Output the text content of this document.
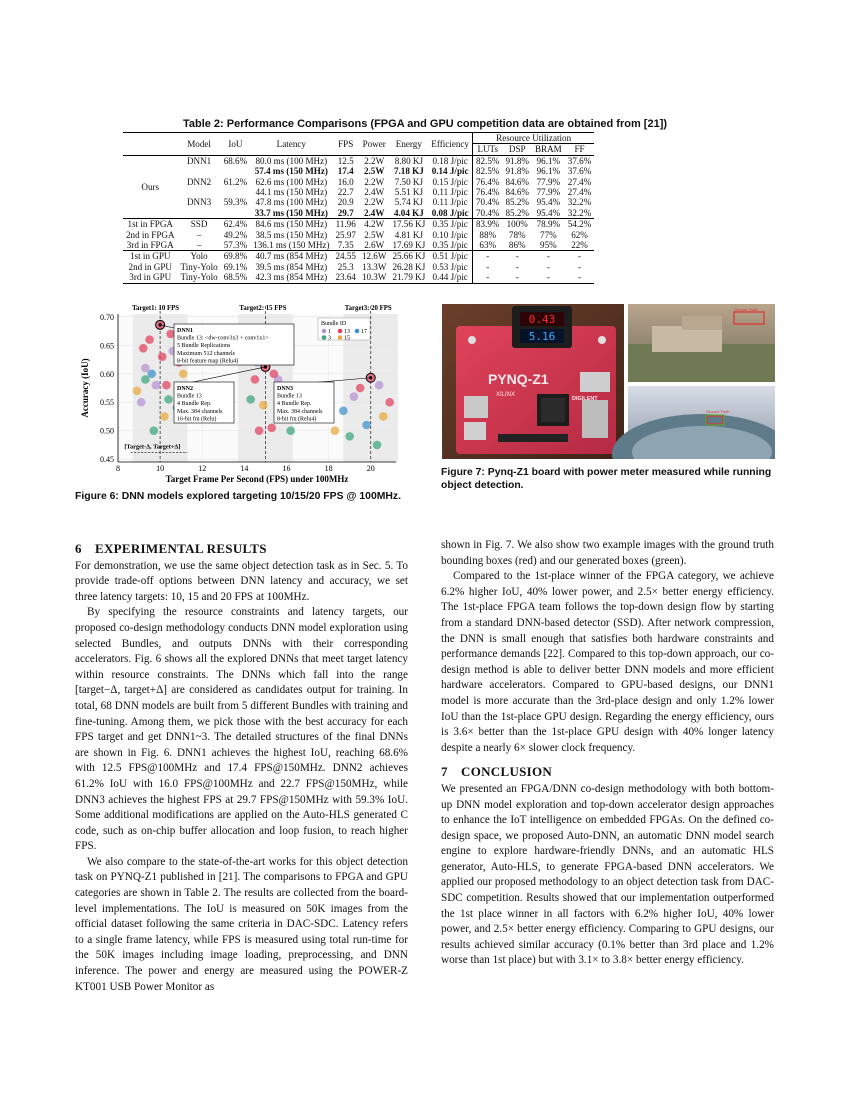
Table 2: Performance Comparisons (FPGA and GPU competition data are obtained from [21])
	Model	IoU	Latency	FPS	Power	Energy	Efficiency	Resource Utilization			
								LUTs	DSP	BRAM	FF
Ours	DNN1	68.6%	80.0 ms (100 MHz)	12.5	2.2W	8.80 KJ	0.18 J/pic	82.5%	91.8%	96.1%	37.6%
			57.4 ms (150 MHz)	17.4	2.5W	7.18 KJ	0.14 J/pic	82.5%	91.8%	96.1%	37.6%
	DNN2	61.2%	62.6 ms (100 MHz)	16.0	2.2W	7.50 KJ	0.15 J/pic	76.4%	84.6%	77.9%	27.4%
			44.1 ms (150 MHz)	22.7	2.4W	5.51 KJ	0.11 J/pic	76.4%	84.6%	77.9%	27.4%
	DNN3	59.3%	47.8 ms (100 MHz)	20.9	2.2W	5.74 KJ	0.11 J/pic	70.4%	85.2%	95.4%	32.2%
			33.7 ms (150 MHz)	29.7	2.4W	4.04 KJ	0.08 J/pic	70.4%	85.2%	95.4%	32.2%
1st in FPGA	SSD	62.4%	84.6 ms (150 MHz)	11.96	4.2W	17.56 KJ	0.35 J/pic	83.9%	100%	78.9%	54.2%
2nd in FPGA	–	49.2%	38.5 ms (150 MHz)	25.97	2.5W	4.81 KJ	0.10 J/pic	88%	78%	77%	62%
3rd in FPGA	–	57.3%	136.1 ms (150 MHz)	7.35	2.6W	17.69 KJ	0.35 J/pic	63%	86%	95%	22%
1st in GPU	Yolo	69.8%	40.7 ms (854 MHz)	24.55	12.6W	25.66 KJ	0.51 J/pic	-	-	-	-
2nd in GPU	Tiny-Yolo	69.1%	39.5 ms (854 MHz)	25.3	13.3W	26.28 KJ	0.53 J/pic	-	-	-	-
3rd in GPU	Tiny-Yolo	68.5%	42.3 ms (854 MHz)	23.64	10.3W	21.79 KJ	0.44 J/pic	-	-	-	-
Target1: 10 FPS	Target2: 15 FPS	Target3: 20 FPS
[Target-Δ, Target+Δ]
Bundle ID
1 13 17
3 15
DNN1
Bundle 13: <dw-conv3x3 + conv1x1>
5 Bundle Replications
Maximum 512 channels
8-bit feature map (Relu4)
DNN2
Bundle 13
4 Bundle Rep.
Max. 384 channels
16-bit fm (Relu)
DNN3
Bundle 13
4 Bundle Rep.
Max. 384 channels
8-bit fm (Relu4)
0.45
0.50
0.55
0.60
0.65
0.70
8	10	12	14	16	18	20
Target Frame Per Second (FPS) under 100MHz
Accuracy (IoU)
Figure 6: DNN models explored targeting 10/15/20 FPS @ 100MHz.
0.43
5.16
PYNQ-Z1
XILINX
DIGILENT
Ground Truth
Ground Truth
Figure 7: Pynq-Z1 board with power meter measured while running object detection.
6 EXPERIMENTAL RESULTS

For demonstration, we use the same object detection task as in Sec. 5. To provide trade-off options between DNN latency and accuracy, we set three latency targets: 10, 15 and 20 FPS at 100MHz.

By specifying the resource constraints and latency targets, our proposed co-design methodology conducts DNN model exploration using selected Bundles, and outputs DNNs with their corresponding accelerators. Fig. 6 shows all the explored DNNs that meet target latency within resource constraints. The DNNs which fall into the range [target−Δ, target+Δ] are considered as candidates output for training. In total, 68 DNN models are built from 5 different Bundles with training and fine-tuning. Among them, we pick those with the best accuracy for each FPS target and get DNN1~3. The detailed structures of the final DNNs are shown in Fig. 6. DNN1 achieves the highest IoU, reaching 68.6% with 12.5 FPS@100MHz and 17.4 FPS@150MHz. DNN2 achieves 61.2% IoU with 16.0 FPS@100MHz and 22.7 FPS@150MHz, while DNN3 achieves the highest FPS at 29.7 FPS@150MHz with 59.3% IoU. Some additional modifications are applied on the Auto-HLS generated C code, such as on-chip buffer allocation and loop fusion, to reach higher FPS.

We also compare to the state-of-the-art works for this object detection task on PYNQ-Z1 published in [21]. The comparisons to FPGA and GPU categories are shown in Table 2. The results are collected from the board-level implementations. The IoU is measured on 50K images from the official dataset following the same criteria in DAC-SDC. Latency refers to a single frame latency, while FPS is measured using total run-time for the 50K images including image loading, preprocessing, and DNN inference. The power and energy are measured using the POWER-Z KT001 USB Power Monitor as

shown in Fig. 7. We also show two example images with the ground truth bounding boxes (red) and our generated boxes (green).

Compared to the 1st-place winner of the FPGA category, we achieve 6.2% higher IoU, 40% lower power, and 2.5× better energy efficiency. The 1st-place FPGA team follows the top-down design flow by starting from a standard DNN-based detector (SSD). After network compression, the DNN is small enough that satisfies both hardware constraints and performance demands [22]. Compared to this top-down approach, our co-design method is able to deliver better DNN models and more efficient hardware accelerators. Compared to GPU-based designs, our DNN1 model is more accurate than the 3rd-place design and only 1.2% lower IoU than the 1st-place GPU design. Regarding the energy efficiency, ours is 3.6× better than the 1st-place GPU design with 40% longer latency despite a nearly 6× slower clock frequency.

7 CONCLUSION

We presented an FPGA/DNN co-design methodology with both bottom-up DNN model exploration and top-down accelerator design approaches to enhance the IoT intelligence on embedded FPGAs. On the defined co-design space, we proposed Auto-DNN, an automatic DNN model search engine to explore hardware-friendly DNNs, and an automatic HLS generator, Auto-HLS, to generate FPGA-based DNN accelerators. We applied our proposed methodology to an object detection task from DAC-SDC competition. Results showed that our implementation outperformed the 1st place winner in all factors with 6.2% higher IoU, 40% lower power, and 2.5× better energy efficiency. Comparing to GPU designs, our results achieved similar accuracy (0.1% better than 3rd place and 1.2% worse than 1st place) but with 3.1× to 3.8× better energy efficiency.
